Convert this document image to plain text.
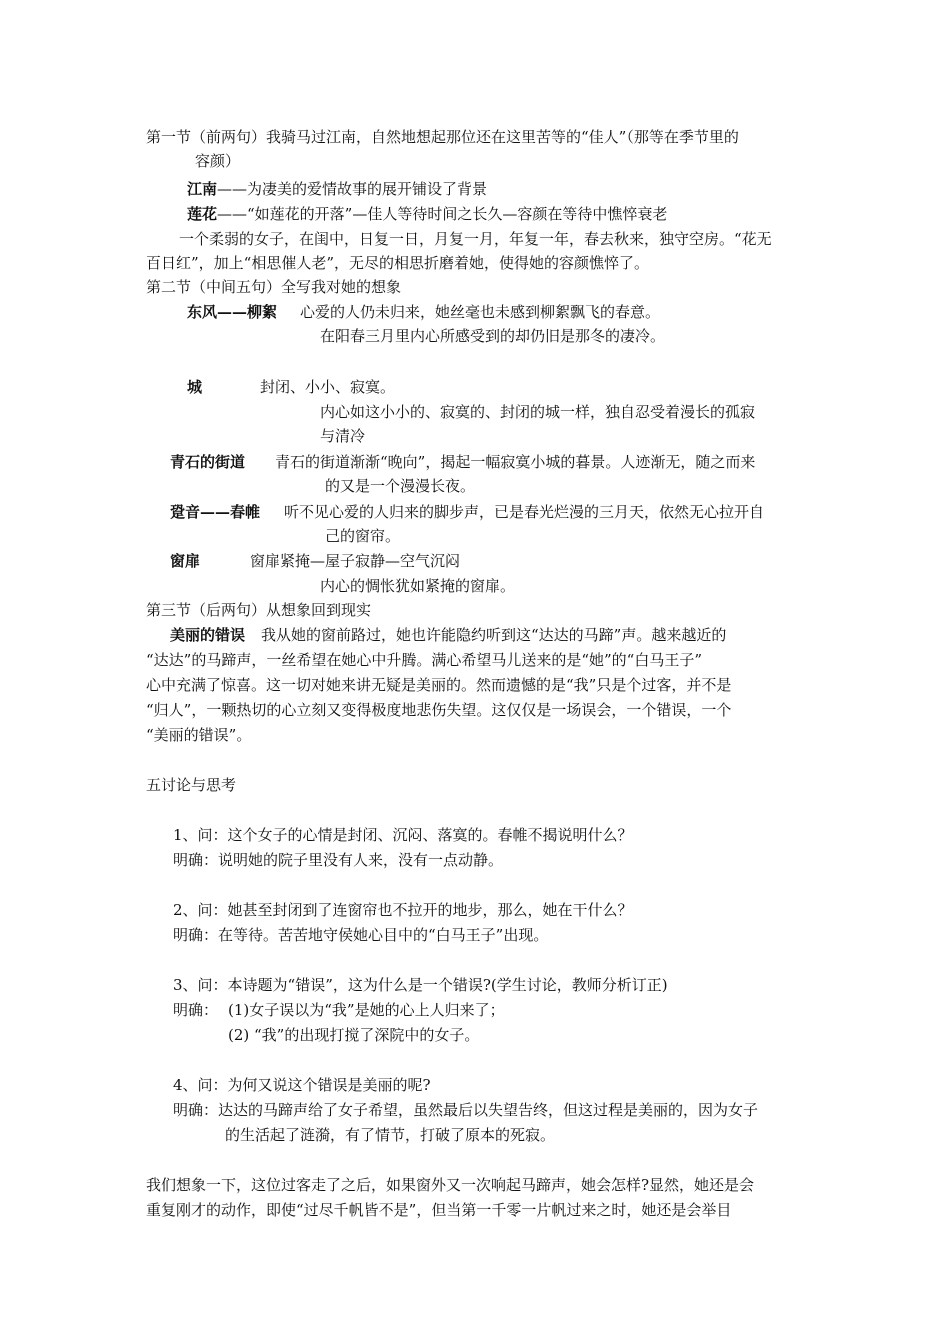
第一节（前两句）我骑马过江南，自然地想起那位还在这里苦等的“佳人”（那等在季节里的
容颜）
江南——为凄美的爱情故事的展开铺设了背景
莲花——“如莲花的开落”—佳人等待时间之长久—容颜在等待中憔悴衰老
一个柔弱的女子，在闺中，日复一日，月复一月，年复一年，春去秋来，独守空房。“花无
百日红”，加上“相思催人老”，无尽的相思折磨着她，使得她的容颜憔悴了。
第二节（中间五句）全写我对她的想象
东风——柳絮 心爱的人仍未归来，她丝毫也未感到柳絮飘飞的春意。
在阳春三月里内心所感受到的却仍旧是那冬的凄冷。
城	封闭、小小、寂寞。
内心如这小小的、寂寞的、封闭的城一样，独自忍受着漫长的孤寂
与清冷
青石的街道 青石的街道渐渐“晚向”，揭起一幅寂寞小城的暮景。人迹渐无，随之而来
的又是一个漫漫长夜。
跫音——春帷 听不见心爱的人归来的脚步声，已是春光烂漫的三月天，依然无心拉开自
己的窗帘。
窗扉	窗扉紧掩—屋子寂静—空气沉闷
内心的惆怅犹如紧掩的窗扉。
第三节（后两句）从想象回到现实
美丽的错误 我从她的窗前路过，她也许能隐约听到这“达达的马蹄”声。越来越近的
“达达”的马蹄声，一丝希望在她心中升腾。满心希望马儿送来的是“她”的“白马王子”
心中充满了惊喜。这一切对她来讲无疑是美丽的。然而遗憾的是“我”只是个过客，并不是
“归人”，一颗热切的心立刻又变得极度地悲伤失望。这仅仅是一场误会，一个错误，一个
“美丽的错误”。
五讨论与思考
1、问：这个女子的心情是封闭、沉闷、落寞的。春帷不揭说明什么？
明确：说明她的院子里没有人来，没有一点动静。
2、问：她甚至封闭到了连窗帘也不拉开的地步，那么，她在干什么？
明确：在等待。苦苦地守侯她心目中的“白马王子”出现。
3、问：本诗题为“错误”，这为什么是一个错误?(学生讨论，教师分析订正)
明确： (1)女子误以为“我”是她的心上人归来了；
(2) “我”的出现打搅了深院中的女子。
4、问：为何又说这个错误是美丽的呢?
明确：达达的马蹄声给了女子希望，虽然最后以失望告终，但这过程是美丽的，因为女子
的生活起了涟漪，有了情节，打破了原本的死寂。
我们想象一下，这位过客走了之后，如果窗外又一次响起马蹄声，她会怎样?显然，她还是会
重复刚才的动作，即使“过尽千帆皆不是”，但当第一千零一片帆过来之时，她还是会举目
